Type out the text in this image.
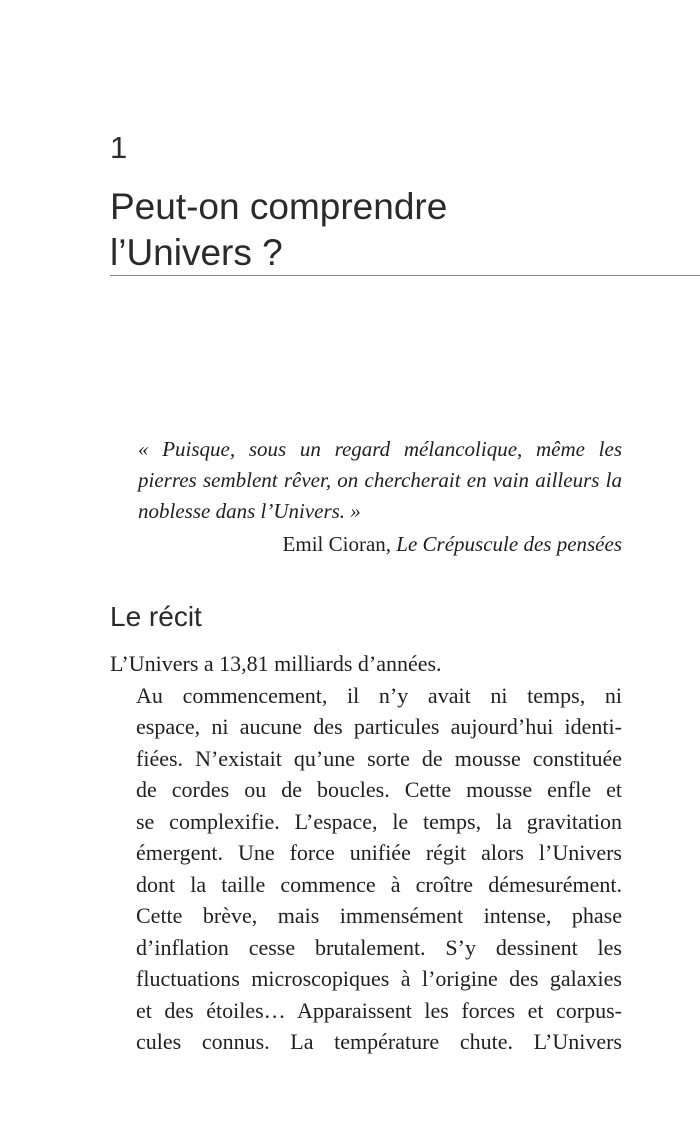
1
Peut-on comprendre
l’Univers ?

« Puisque, sous un regard mélancolique, même les pierres semblent rêver, on chercherait en vain ailleurs la noblesse dans l’Univers. »

Emil Cioran, Le Crépuscule des pensées

Le récit

L’Univers a 13,81 milliards d’années.

Au commencement, il n’y avait ni temps, ni
espace, ni aucune des particules aujourd’hui identi-
fiées. N’existait qu’une sorte de mousse constituée
de cordes ou de boucles. Cette mousse enfle et
se complexifie. L’espace, le temps, la gravitation
émergent. Une force unifiée régit alors l’Univers
dont la taille commence à croître démesurément.
Cette brève, mais immensément intense, phase
d’inflation cesse brutalement. S’y dessinent les
fluctuations microscopiques à l’origine des galaxies
et des étoiles… Apparaissent les forces et corpus-
cules connus. La température chute. L’Univers
